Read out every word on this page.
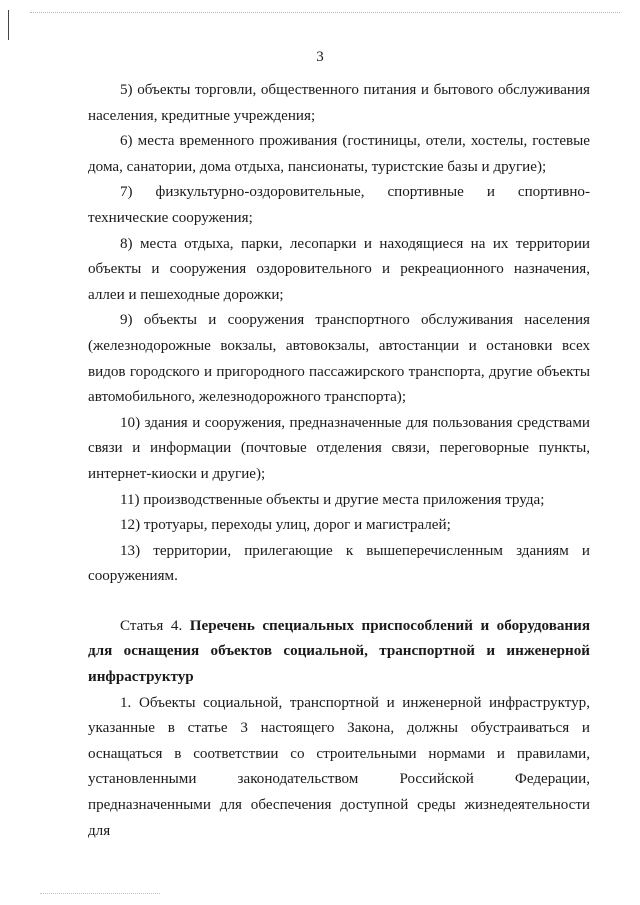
3

5) объекты торговли, общественного питания и бытового обслуживания населения, кредитные учреждения;

6) места временного проживания (гостиницы, отели, хостелы, гостевые дома, санатории, дома отдыха, пансионаты, туристские базы и другие);

7) физкультурно-оздоровительные, спортивные и спортивно-технические сооружения;

8) места отдыха, парки, лесопарки и находящиеся на их территории объекты и сооружения оздоровительного и рекреационного назначения, аллеи и пешеходные дорожки;

9) объекты и сооружения транспортного обслуживания населения (железнодорожные вокзалы, автовокзалы, автостанции и остановки всех видов городского и пригородного пассажирского транспорта, другие объекты автомобильного, железнодорожного транспорта);

10) здания и сооружения, предназначенные для пользования средствами связи и информации (почтовые отделения связи, переговорные пункты, интернет-киоски и другие);

11) производственные объекты и другие места приложения труда;

12) тротуары, переходы улиц, дорог и магистралей;

13) территории, прилегающие к вышеперечисленным зданиям и сооружениям.

Статья 4. Перечень специальных приспособлений и оборудования для оснащения объектов социальной, транспортной и инженерной инфраструктур

1. Объекты социальной, транспортной и инженерной инфраструктур, указанные в статье 3 настоящего Закона, должны обустраиваться и оснащаться в соответствии со строительными нормами и правилами, установленными законодательством Российской Федерации, предназначенными для обеспечения доступной среды жизнедеятельности для
